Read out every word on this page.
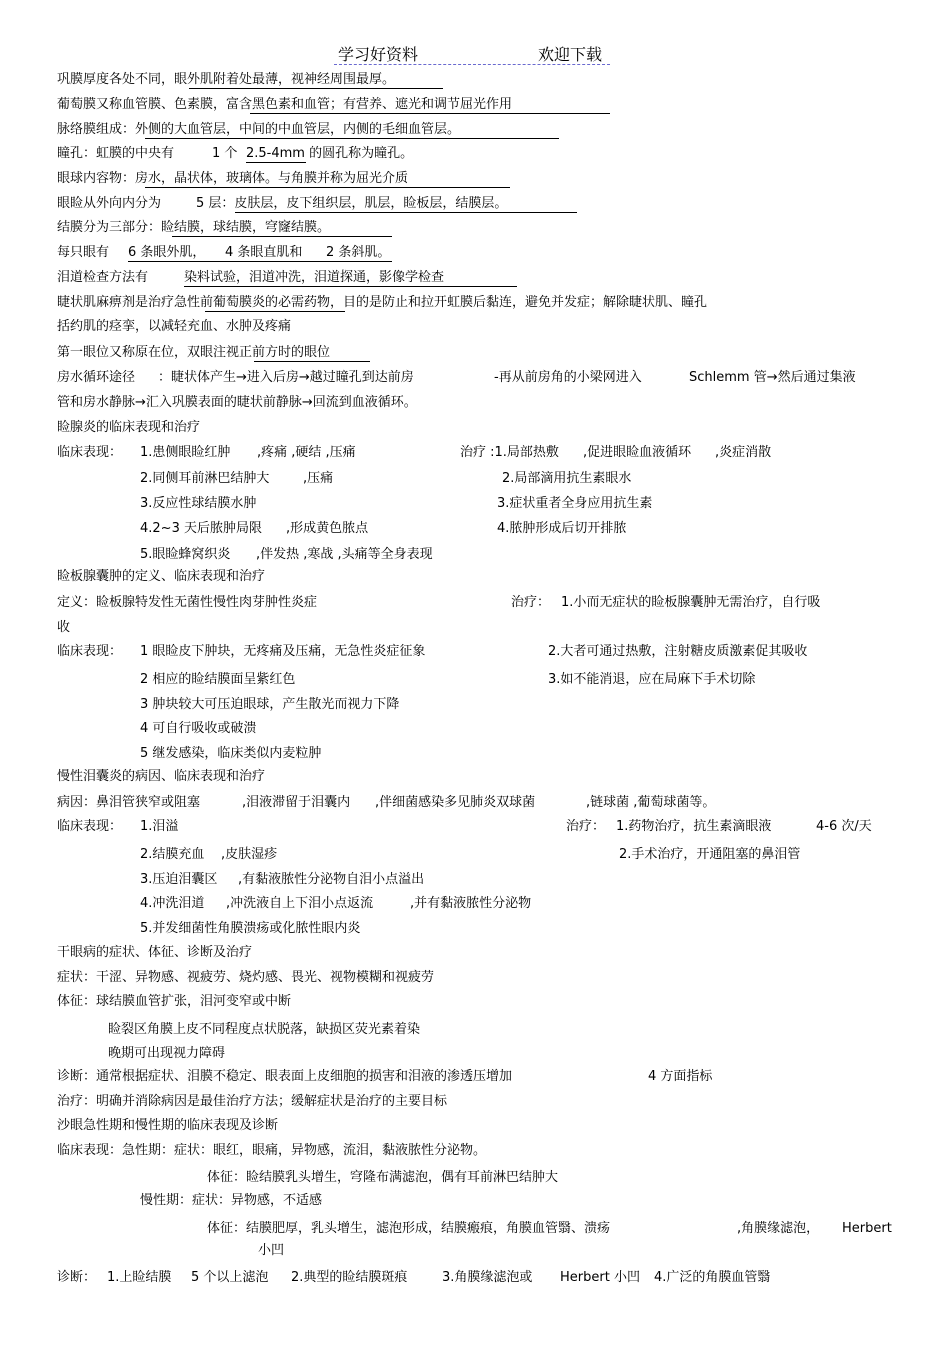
学习好资料	欢迎下载
巩膜厚度各处不同，眼外肌附着处最薄，视神经周围最厚。
葡萄膜又称血管膜、色素膜，富含黑色素和血管；有营养、遮光和调节屈光作用
脉络膜组成：外侧的大血管层，中间的中血管层，内侧的毛细血管层。
瞳孔：虹膜的中央有	1 个 2.5-4mm 的圆孔称为瞳孔。
眼球内容物：房水，晶状体，玻璃体。与角膜并称为屈光介质
眼睑从外向内分为	5 层：皮肤层，皮下组织层，肌层，睑板层，结膜层。
结膜分为三部分：睑结膜，球结膜，穹窿结膜。
每只眼有 6 条眼外肌， 4 条眼直肌和 2 条斜肌。
泪道检查方法有	染料试验，泪道冲洗，泪道探通，影像学检查
睫状肌麻痹剂是治疗急性前葡萄膜炎的必需药物，目的是防止和拉开虹膜后黏连，避免并发症；解除睫状肌、瞳孔
括约肌的痉挛，以减轻充血、水肿及疼痛
第一眼位又称原在位，双眼注视正前方时的眼位
房水循环途径 ：睫状体产生→进入后房→越过瞳孔到达前房	-再从前房角的小梁网进入	Schlemm 管→然后通过集液
管和房水静脉→汇入巩膜表面的睫状前静脉→回流到血液循环。
睑腺炎的临床表现和治疗
临床表现： 1.患侧眼睑红肿 ,疼痛 ,硬结 ,压痛	治疗 :1.局部热敷 ,促进眼睑血液循环 ,炎症消散
2.同侧耳前淋巴结肿大	,压痛	2.局部滴用抗生素眼水
3.反应性球结膜水肿	3.症状重者全身应用抗生素
4.2~3 天后脓肿局限 ,形成黄色脓点	4.脓肿形成后切开排脓
5.眼睑蜂窝织炎 ,伴发热 ,寒战 ,头痛等全身表现
睑板腺囊肿的定义、临床表现和治疗
定义：睑板腺特发性无菌性慢性肉芽肿性炎症	治疗： 1.小而无症状的睑板腺囊肿无需治疗，自行吸
收
临床表现： 1 眼睑皮下肿块，无疼痛及压痛，无急性炎症征象	2.大者可通过热敷，注射糖皮质激素促其吸收
2 相应的睑结膜面呈紫红色	3.如不能消退，应在局麻下手术切除
3 肿块较大可压迫眼球，产生散光而视力下降
4 可自行吸收或破溃
5 继发感染，临床类似内麦粒肿
慢性泪囊炎的病因、临床表现和治疗
病因：鼻泪管狭窄或阻塞	,泪液滞留于泪囊内 ,伴细菌感染多见肺炎双球菌	,链球菌 ,葡萄球菌等。
临床表现： 1.泪溢	治疗： 1.药物治疗，抗生素滴眼液	4-6 次/天
2.结膜充血 ,皮肤湿疹	2.手术治疗，开通阻塞的鼻泪管
3.压迫泪囊区 ,有黏液脓性分泌物自泪小点溢出
4.冲洗泪道 ,冲洗液自上下泪小点返流	,并有黏液脓性分泌物
5.并发细菌性角膜溃疡或化脓性眼内炎
干眼病的症状、体征、诊断及治疗
症状：干涩、异物感、视疲劳、烧灼感、畏光、视物模糊和视疲劳
体征：球结膜血管扩张，泪河变窄或中断
睑裂区角膜上皮不同程度点状脱落，缺损区荧光素着染
晚期可出现视力障碍
诊断：通常根据症状、泪膜不稳定、眼表面上皮细胞的损害和泪液的渗透压增加	4 方面指标
治疗：明确并消除病因是最佳治疗方法；缓解症状是治疗的主要目标
沙眼急性期和慢性期的临床表现及诊断
临床表现：急性期：症状：眼红，眼痛，异物感，流泪，黏液脓性分泌物。
体征：睑结膜乳头增生，穹隆布满滤泡，偶有耳前淋巴结肿大
慢性期：症状：异物感，不适感
体征：结膜肥厚，乳头增生，滤泡形成，结膜瘢痕，角膜血管翳、溃疡	,角膜缘滤泡， Herbert
小凹
诊断： 1.上睑结膜 5 个以上滤泡 2.典型的睑结膜斑痕	3.角膜缘滤泡或 Herbert 小凹 4.广泛的角膜血管翳
